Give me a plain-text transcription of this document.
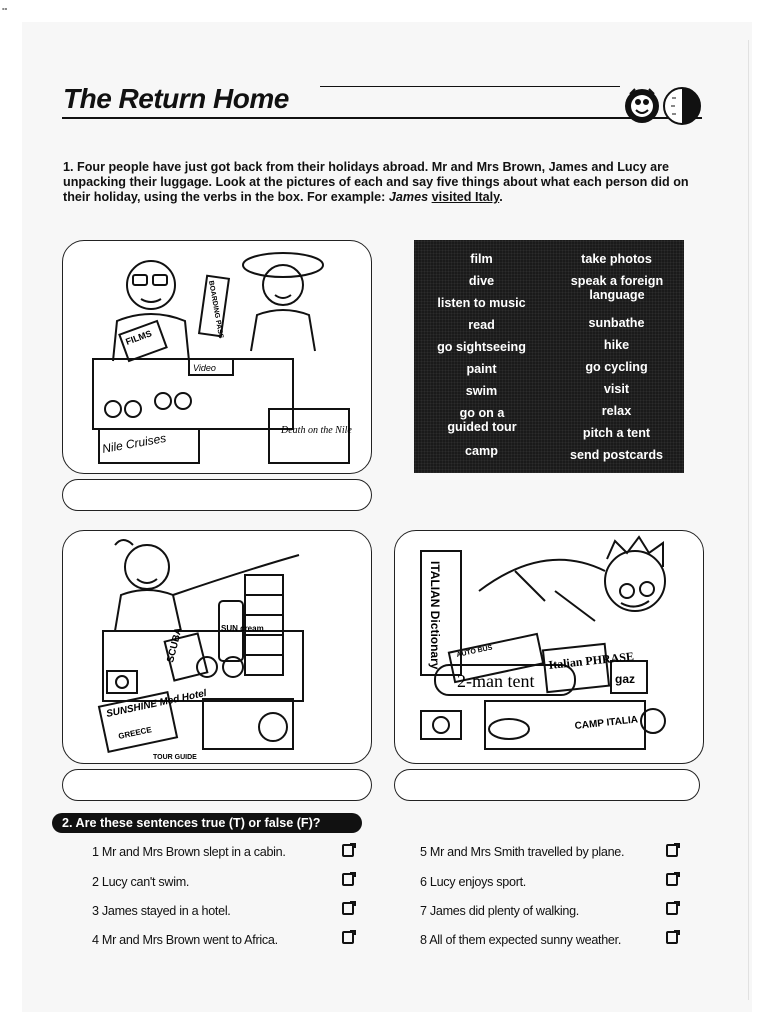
--
The Return Home

1. Four people have just got back from their holidays abroad. Mr and Mrs Brown, James and Lucy are unpacking their luggage. Look at the pictures of each and say five things about what each person did on their holiday, using the verbs in the box. For example: James visited Italy.

BOARDING PASS
FILMS
Video
Nile Cruises
Death on the Nile
film
dive
listen to music
read
go sightseeing
paint
swim
go on a guided tour
camp
take photos
speak a foreign language
sunbathe
hike
go cycling
visit
relax
pitch a tent
send postcards
SUNSHINE Med Hotel
GREECE
SUN cream
SCUBA
TOUR GUIDE
ITALIAN Dictionary AUTO BUS
2-man tent
Italian PHRASE
gaz
CAMP ITALIA
2. Are these sentences true (T) or false (F)?
1 Mr and Mrs Brown slept in a cabin.
2 Lucy can't swim.
3 James stayed in a hotel.
4 Mr and Mrs Brown went to Africa.
5 Mr and Mrs Smith travelled by plane.
6 Lucy enjoys sport.
7 James did plenty of walking.
8 All of them expected sunny weather.
